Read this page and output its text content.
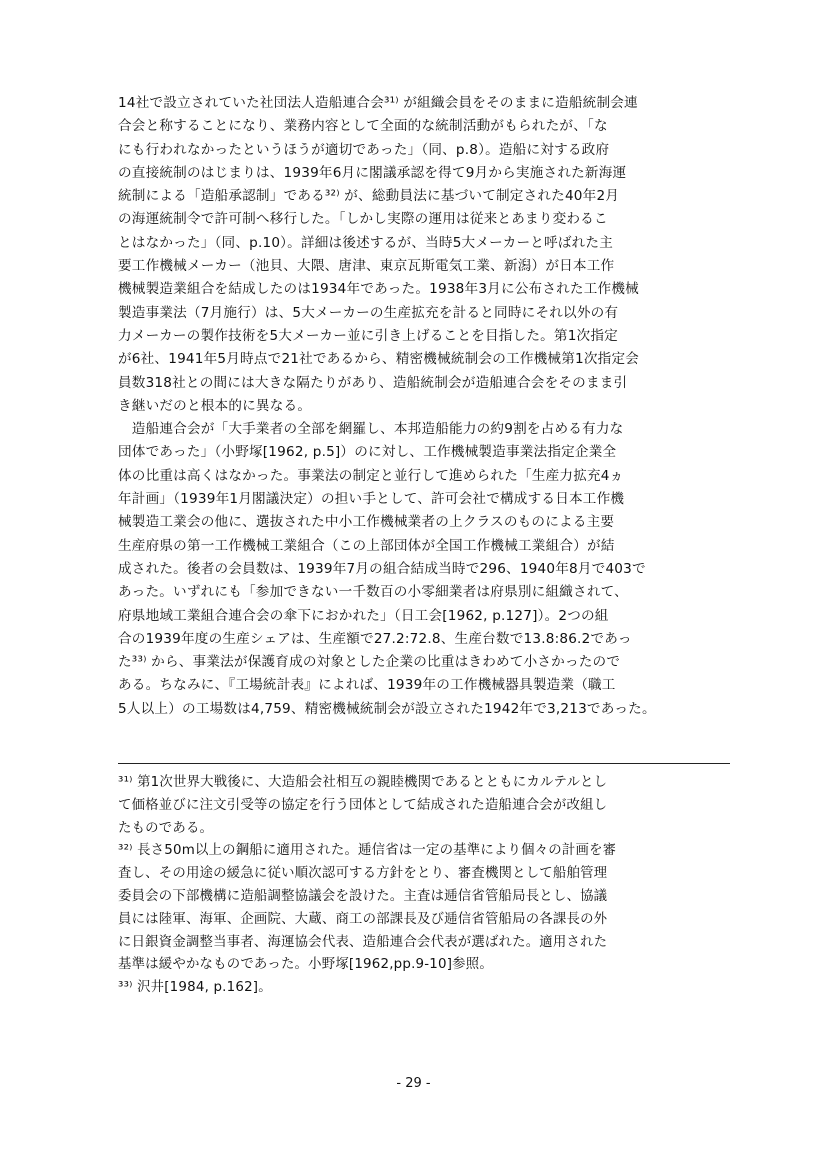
14社で設立されていた社団法人造船連合会³¹⁾ が組織会員をそのままに造船統制会連
合会と称することになり、業務内容として全面的な統制活動がもられたが、「な
にも行われなかったというほうが適切であった」（同、p.8）。造船に対する政府
の直接統制のはじまりは、1939年6月に閣議承認を得て9月から実施された新海運
統制による「造船承認制」である³²⁾ が、総動員法に基づいて制定された40年2月
の海運統制令で許可制へ移行した。「しかし実際の運用は従来とあまり変わるこ
とはなかった」（同、p.10）。詳細は後述するが、当時5大メーカーと呼ばれた主
要工作機械メーカー（池貝、大隈、唐津、東京瓦斯電気工業、新潟）が日本工作
機械製造業組合を結成したのは1934年であった。1938年3月に公布された工作機械
製造事業法（7月施行）は、5大メーカーの生産拡充を計ると同時にそれ以外の有
力メーカーの製作技術を5大メーカー並に引き上げることを目指した。第1次指定
が6社、1941年5月時点で21社であるから、精密機械統制会の工作機械第1次指定会
員数318社との間には大きな隔たりがあり、造船統制会が造船連合会をそのまま引
き継いだのと根本的に異なる。
　造船連合会が「大手業者の全部を網羅し、本邦造船能力の約9割を占める有力な
団体であった」（小野塚[1962, p.5]）のに対し、工作機械製造事業法指定企業全
体の比重は高くはなかった。事業法の制定と並行して進められた「生産力拡充4ヵ
年計画」（1939年1月閣議決定）の担い手として、許可会社で構成する日本工作機
械製造工業会の他に、選抜された中小工作機械業者の上クラスのものによる主要
生産府県の第一工作機械工業組合（この上部団体が全国工作機械工業組合）が結
成された。後者の会員数は、1939年7月の組合結成当時で296、1940年8月で403で
あった。いずれにも「参加できない一千数百の小零細業者は府県別に組織されて、
府県地域工業組合連合会の傘下におかれた」（日工会[1962, p.127]）。2つの組
合の1939年度の生産シェアは、生産額で27.2:72.8、生産台数で13.8:86.2であっ
た³³⁾ から、事業法が保護育成の対象とした企業の比重はきわめて小さかったので
ある。ちなみに、『工場統計表』によれば、1939年の工作機械器具製造業（職工
5人以上）の工場数は4,759、精密機械統制会が設立された1942年で3,213であった。
³¹⁾ 第1次世界大戦後に、大造船会社相互の親睦機関であるとともにカルテルとし
て価格並びに注文引受等の協定を行う団体として結成された造船連合会が改組し
たものである。
³²⁾ 長さ50m以上の鋼船に適用された。逓信省は一定の基準により個々の計画を審
査し、その用途の緩急に従い順次認可する方針をとり、審査機関として船舶管理
委員会の下部機構に造船調整協議会を設けた。主査は逓信省管船局長とし、協議
員には陸軍、海軍、企画院、大蔵、商工の部課長及び逓信省管船局の各課長の外
に日銀資金調整当事者、海運協会代表、造船連合会代表が選ばれた。適用された
基準は緩やかなものであった。小野塚[1962,pp.9-10]参照。
³³⁾ 沢井[1984, p.162]。
- 29 -
